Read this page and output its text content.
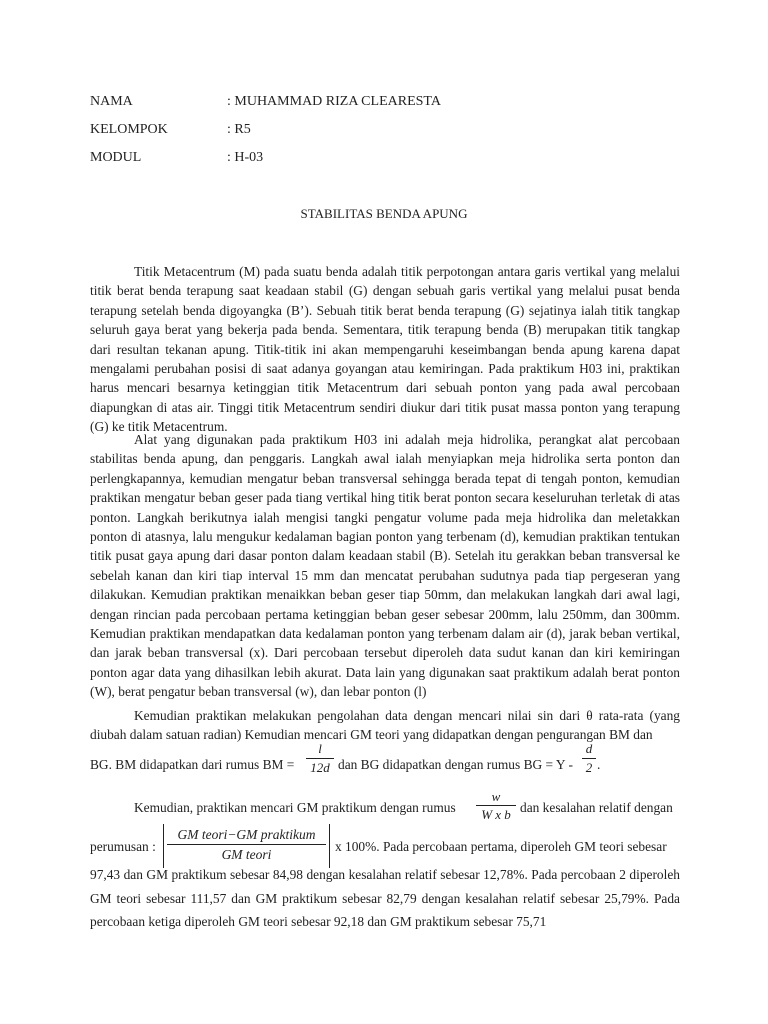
NAMA	: MUHAMMAD RIZA CLEARESTA
KELOMPOK	: R5
MODUL	: H-03
STABILITAS BENDA APUNG

Titik Metacentrum (M) pada suatu benda adalah titik perpotongan antara garis vertikal yang melalui titik berat benda terapung saat keadaan stabil (G) dengan sebuah garis vertikal yang melalui pusat benda terapung setelah benda digoyangka (B’). Sebuah titik berat benda terapung (G) sejatinya ialah titik tangkap seluruh gaya berat yang bekerja pada benda. Sementara, titik terapung benda (B) merupakan titik tangkap dari resultan tekanan apung. Titik-titik ini akan mempengaruhi keseimbangan benda apung karena dapat mengalami perubahan posisi di saat adanya goyangan atau kemiringan. Pada praktikum H03 ini, praktikan harus mencari besarnya ketinggian titik Metacentrum dari sebuah ponton yang pada awal percobaan diapungkan di atas air. Tinggi titik Metacentrum sendiri diukur dari titik pusat massa ponton yang terapung (G) ke titik Metacentrum.

Alat yang digunakan pada praktikum H03 ini adalah meja hidrolika, perangkat alat percobaan stabilitas benda apung, dan penggaris. Langkah awal ialah menyiapkan meja hidrolika serta ponton dan perlengkapannya, kemudian mengatur beban transversal sehingga berada tepat di tengah ponton, kemudian praktikan mengatur beban geser pada tiang vertikal hing titik berat ponton secara keseluruhan terletak di atas ponton. Langkah berikutnya ialah mengisi tangki pengatur volume pada meja hidrolika dan meletakkan ponton di atasnya, lalu mengukur kedalaman bagian ponton yang terbenam (d), kemudian praktikan tentukan titik pusat gaya apung dari dasar ponton dalam keadaan stabil (B). Setelah itu gerakkan beban transversal ke sebelah kanan dan kiri tiap interval 15 mm dan mencatat perubahan sudutnya pada tiap pergeseran yang dilakukan. Kemudian praktikan menaikkan beban geser tiap 50mm, dan melakukan langkah dari awal lagi, dengan rincian pada percobaan pertama ketinggian beban geser sebesar 200mm, lalu 250mm, dan 300mm. Kemudian praktikan mendapatkan data kedalaman ponton yang terbenam dalam air (d), jarak beban vertikal, dan jarak beban transversal (x). Dari percobaan tersebut diperoleh data sudut kanan dan kiri kemiringan ponton agar data yang dihasilkan lebih akurat. Data lain yang digunakan saat praktikum adalah berat ponton (W), berat pengatur beban transversal (w), dan lebar ponton (l)

Kemudian praktikan melakukan pengolahan data dengan mencari nilai sin dari θ rata-rata (yang diubah dalam satuan radian) Kemudian mencari GM teori yang didapatkan dengan pengurangan BM dan

BG. BM didapatkan dari rumus BM =
l
12d dan BG didapatkan dengan rumus BG = Y -
d
2 .
Kemudian, praktikan mencari GM praktikum dengan rumus
w
W x b dan kesalahan relatif dengan
perumusan :
GM teori−GM praktikum
GM teori
x 100%. Pada percobaan pertama, diperoleh GM teori sebesar

97,43 dan GM praktikum sebesar 84,98 dengan kesalahan relatif sebesar 12,78%. Pada percobaan 2 diperoleh GM teori sebesar 111,57 dan GM praktikum sebesar 82,79 dengan kesalahan relatif sebesar 25,79%. Pada percobaan ketiga diperoleh GM teori sebesar 92,18 dan GM praktikum sebesar 75,71
